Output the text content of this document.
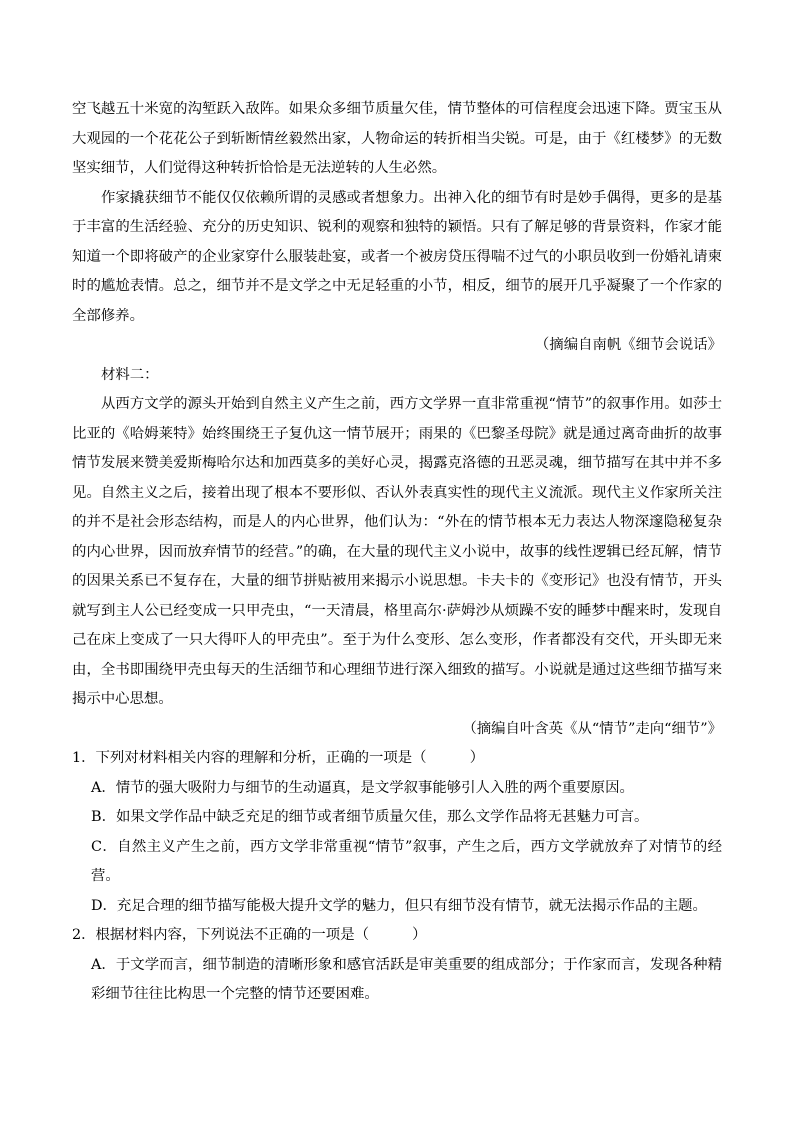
空飞越五十米宽的沟堑跃入敌阵。如果众多细节质量欠佳，情节整体的可信程度会迅速下降。贾宝玉从大观园的一个花花公子到斩断情丝毅然出家，人物命运的转折相当尖锐。可是，由于《红楼梦》的无数坚实细节，人们觉得这种转折恰恰是无法逆转的人生必然。

作家撬获细节不能仅仅依赖所谓的灵感或者想象力。出神入化的细节有时是妙手偶得，更多的是基于丰富的生活经验、充分的历史知识、锐利的观察和独特的颖悟。只有了解足够的背景资料，作家才能知道一个即将破产的企业家穿什么服装赴宴，或者一个被房贷压得喘不过气的小职员收到一份婚礼请柬时的尴尬表情。总之，细节并不是文学之中无足轻重的小节，相反，细节的展开几乎凝聚了一个作家的全部修养。

（摘编自南帆《细节会说话》

材料二：

从西方文学的源头开始到自然主义产生之前，西方文学界一直非常重视“情节”的叙事作用。如莎士比亚的《哈姆莱特》始终围绕王子复仇这一情节展开；雨果的《巴黎圣母院》就是通过离奇曲折的故事情节发展来赞美爱斯梅哈尔达和加西莫多的美好心灵，揭露克洛德的丑恶灵魂，细节描写在其中并不多见。自然主义之后，接着出现了根本不要形似、否认外表真实性的现代主义流派。现代主义作家所关注的并不是社会形态结构，而是人的内心世界，他们认为：“外在的情节根本无力表达人物深邃隐秘复杂的内心世界，因而放弃情节的经营。”的确，在大量的现代主义小说中，故事的线性逻辑已经瓦解，情节的因果关系已不复存在，大量的细节拼贴被用来揭示小说思想。卡夫卡的《变形记》也没有情节，开头就写到主人公已经变成一只甲壳虫，“一天清晨，格里高尔·萨姆沙从烦躁不安的睡梦中醒来时，发现自己在床上变成了一只大得吓人的甲壳虫”。至于为什么变形、怎么变形，作者都没有交代，开头即无来由，全书即围绕甲壳虫每天的生活细节和心理细节进行深入细致的描写。小说就是通过这些细节描写来揭示中心思想。

（摘编自叶含英《从“情节”走向“细节”》

1．下列对材料相关内容的理解和分析，正确的一项是（　　　）

A．情节的强大吸附力与细节的生动逼真，是文学叙事能够引人入胜的两个重要原因。

B．如果文学作品中缺乏充足的细节或者细节质量欠佳，那么文学作品将无甚魅力可言。

C．自然主义产生之前，西方文学非常重视“情节”叙事，产生之后，西方文学就放弃了对情节的经营。

D．充足合理的细节描写能极大提升文学的魅力，但只有细节没有情节，就无法揭示作品的主题。

2．根据材料内容，下列说法不正确的一项是（　　　）

A．于文学而言，细节制造的清晰形象和感官活跃是审美重要的组成部分；于作家而言，发现各种精彩细节往往比构思一个完整的情节还要困难。
